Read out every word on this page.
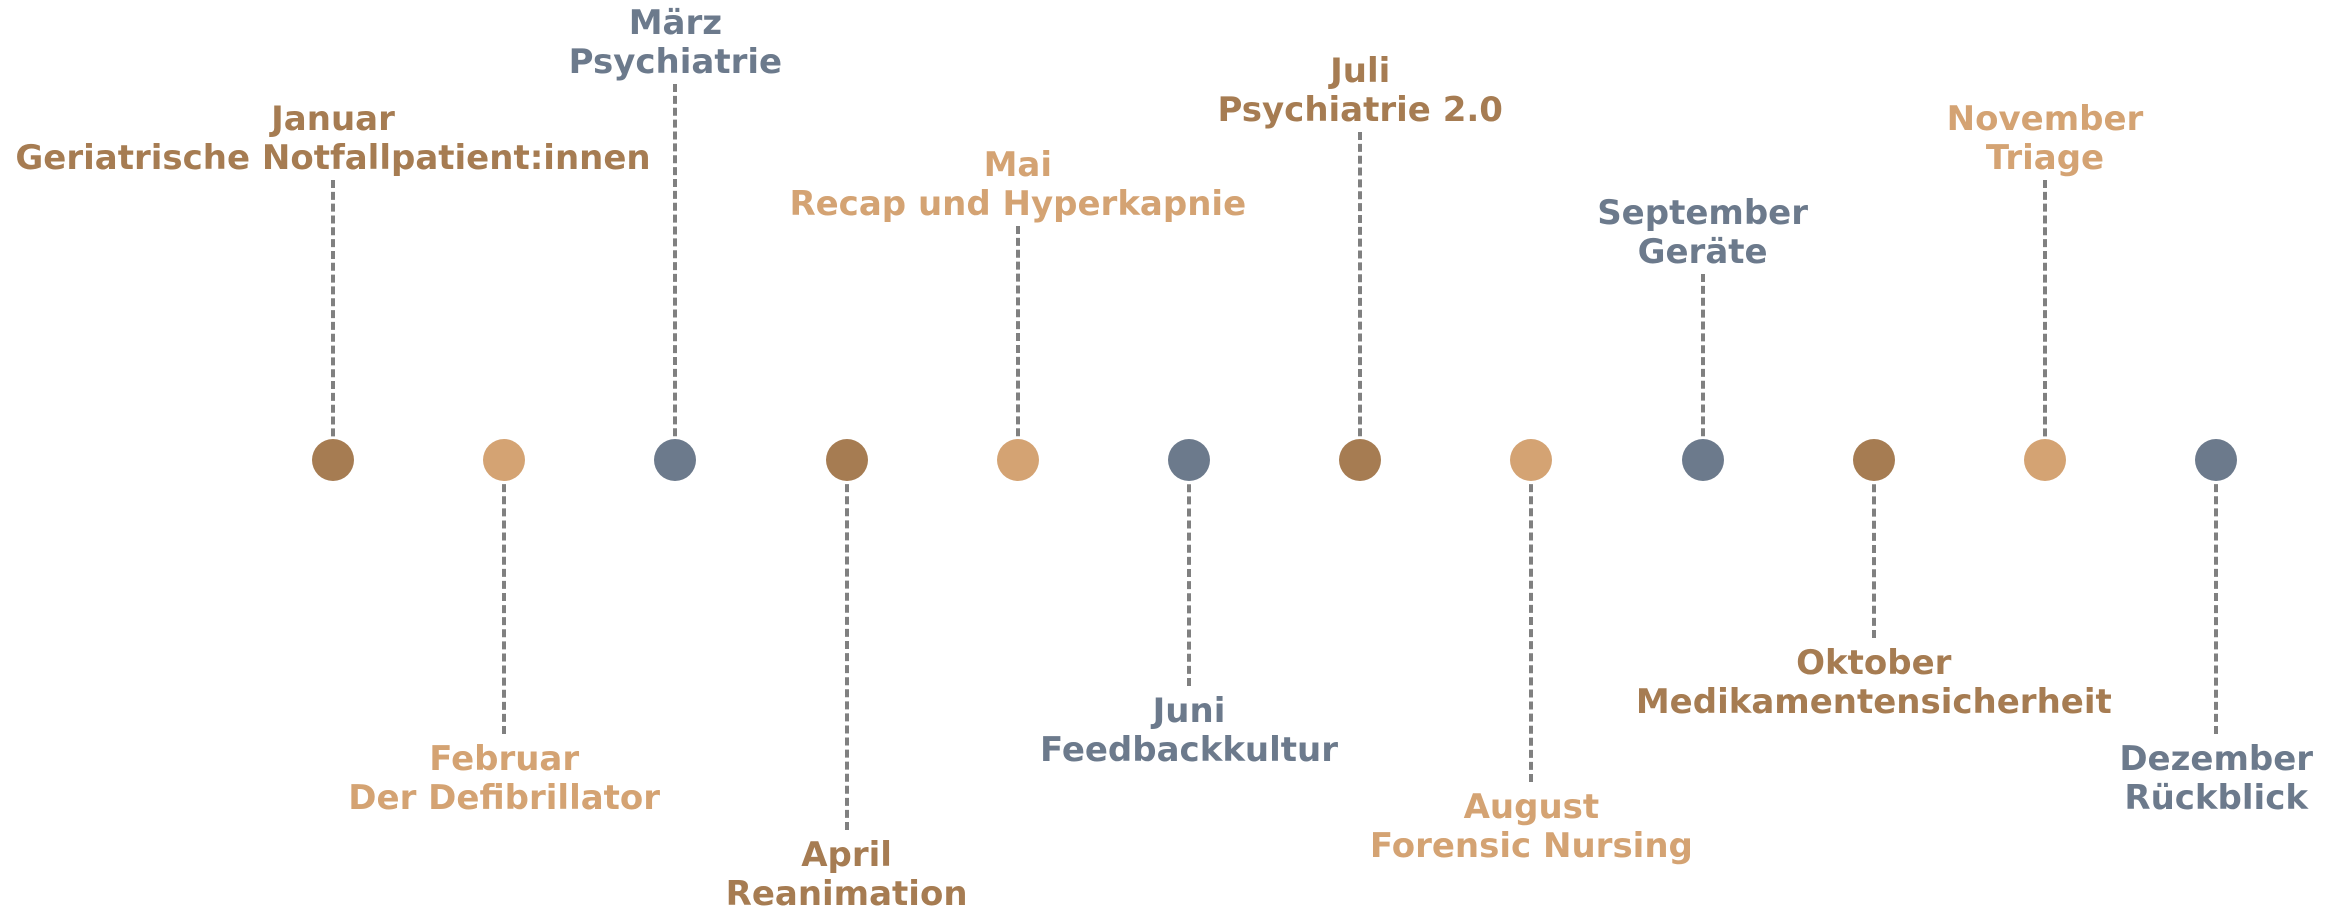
Januar
Geriatrische Notfallpatient:innen
Februar
Der Defibrillator
März
Psychiatrie
April
Reanimation
Mai
Recap und Hyperkapnie
Juni
Feedbackkultur
Juli
Psychiatrie 2.0
August
Forensic Nursing
September
Geräte
Oktober
Medikamentensicherheit
November
Triage
Dezember
Rückblick
